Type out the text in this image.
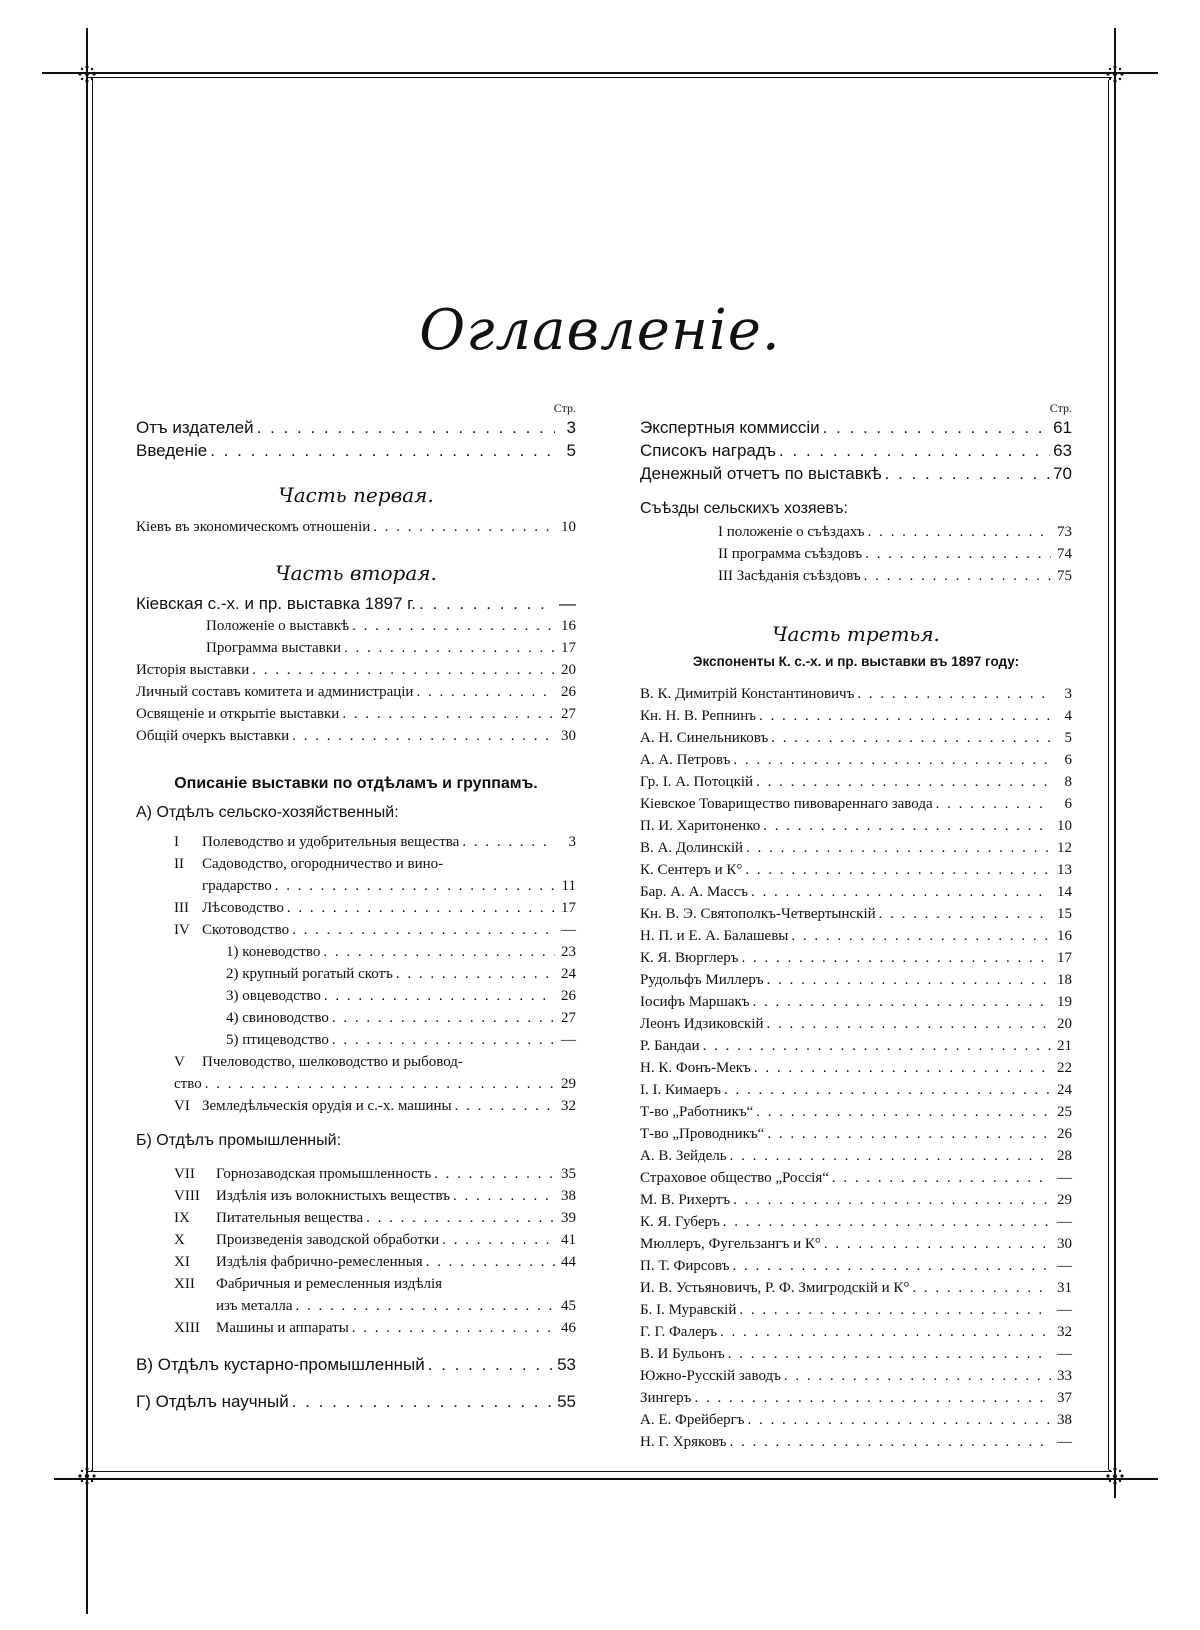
Оглавленіе.
Стр.
Отъ издателей . . .	3
Введеніе . . .	5
Часть первая.
Кіевъ въ экономическомъ отношеніи . . .	10
Часть вторая.
Кіевская с.-х. и пр. выставка 1897 г. . . .	—
Положеніе о выставкѣ . . .	16
Программа выставки . . .	17
Исторія выставки . . .	20
Личный составъ комитета и администраціи . . .	26
Освященіе и открытіе выставки . . .	27
Общій очеркъ выставки . . .	30
Описаніе выставки по отдѣламъ и группамъ.
А) Отдѣлъ сельско-хозяйственный:
I	Полеводство и удобрительныя вещества . . .	3
II Садоводство, огородничество и вино-
градарство . . .	11
III Лѣсоводство . . .	17
IV Скотоводство . . .	—
1) коневодство . . .	23
2) крупный рогатый скотъ . . .	24
3) овцеводство . . .	26
4) свиноводство . . .	27
5) птицеводство . . .	—
V Пчеловодство, шелководство и рыбовод-
ство . . .	29
VI Земледѣльческія орудія и с.-х. машины . . .	32
Б) Отдѣлъ промышленный:
VII	Горнозаводская промышленность . . .	35
VIII	Издѣлія изъ волокнистыхъ веществъ . . .	38
IX	Питательныя вещества . . .	39
X	Произведенія заводской обработки . . .	41
XI	Издѣлія фабрично-ремесленныя . . .	44
XII Фабричныя и ремесленныя издѣлія
изъ металла . . .	45
XIII	Машины и аппараты . . .	46
В) Отдѣлъ кустарно-промышленный . . .	53
Г) Отдѣлъ научный . . .	55
Стр.
Экспертныя коммиссіи . . .	61
Списокъ наградъ . . .	63
Денежный отчетъ по выставкѣ . . .	70
Съѣзды сельскихъ хозяевъ:
I положеніе о съѣздахъ . . .	73
II программа съѣздовъ . . .	74
III Засѣданія съѣздовъ . . .	75
Часть третья.
Экспоненты К. с.-х. и пр. выставки въ 1897 году:
В. К. Димитрій Константиновичъ . . .	3
Кн. Н. В. Репнинъ . . .	4
А. Н. Синельниковъ . . .	5
А. А. Петровъ . . .	6
Гр. І. А. Потоцкій . . .	8
Кіевское Товарищество пивовареннаго завода . . .	6
П. И. Харитоненко . . .	10
В. А. Долинскій . . .	12
К. Сентеръ и К° . . .	13
Бар. А. А. Массъ . . .	14
Кн. В. Э. Святополкъ-Четвертынскій . . .	15
Н. П. и Е. А. Балашевы . . .	16
К. Я. Вюрглеръ . . .	17
Рудольфъ Миллеръ . . .	18
Іосифъ Маршакъ . . .	19
Леонъ Идзиковскій . . .	20
Р. Бандаи . . .	21
Н. К. Фонъ-Мекъ . . .	22
І. І. Кимаеръ . . .	24
Т-во „Работникъ“ . . .	25
Т-во „Проводникъ“ . . .	26
А. В. Зейдель . . .	28
Страховое общество „Россія“ . . .	—
М. В. Рихертъ . . .	29
К. Я. Губеръ . . .	—
Мюллеръ, Фугельзангъ и К° . . .	30
П. Т. Фирсовъ . . .	—
И. В. Устьяновичъ, Р. Ф. Змигродскій и К° . . .	31
Б. І. Муравскій . . .	—
Г. Г. Фалеръ . . .	32
В. И Бульонъ . . .	—
Южно-Русскій заводъ . . .	33
Зингеръ . . .	37
А. Е. Фрейбергъ . . .	38
Н. Г. Хряковъ . . .	—
